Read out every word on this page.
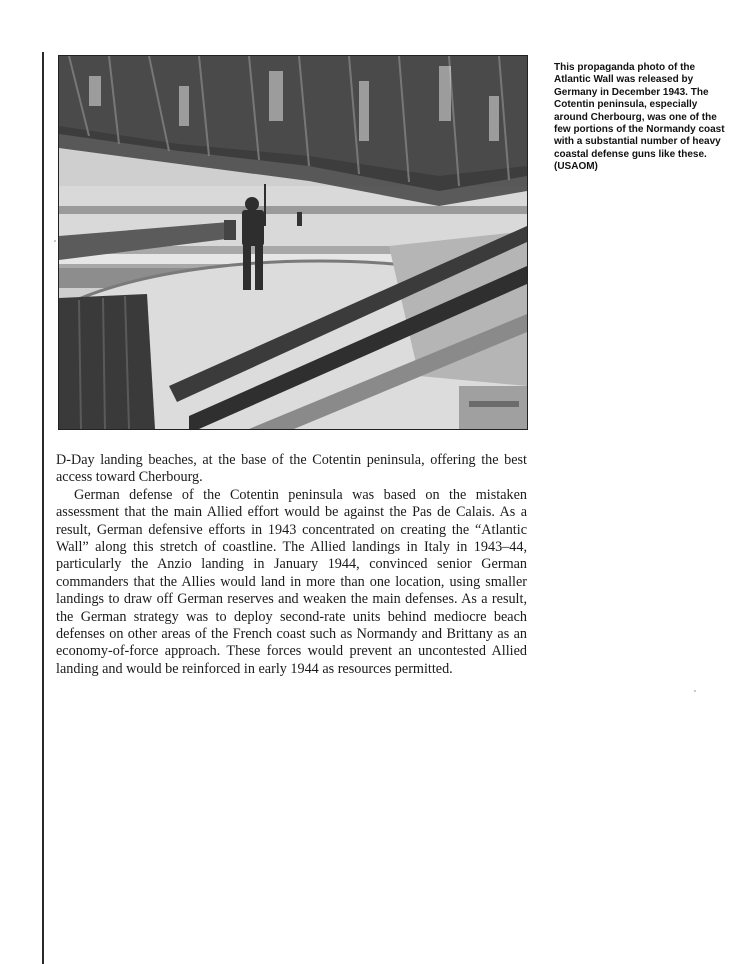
This propaganda photo of the Atlantic Wall was released by Germany in December 1943. The Cotentin peninsula, especially around Cherbourg, was one of the few portions of the Normandy coast with a substantial number of heavy coastal defense guns like these. (USAOM)

D-Day landing beaches, at the base of the Cotentin peninsula, offering the best access toward Cherbourg.

German defense of the Cotentin peninsula was based on the mistaken assessment that the main Allied effort would be against the Pas de Calais. As a result, German defensive efforts in 1943 concentrated on creating the “Atlantic Wall” along this stretch of coastline. The Allied landings in Italy in 1943–44, particularly the Anzio landing in January 1944, convinced senior German commanders that the Allies would land in more than one location, using smaller landings to draw off German reserves and weaken the main defenses. As a result, the German strategy was to deploy second-rate units behind mediocre beach defenses on other areas of the French coast such as Normandy and Brittany as an economy-of-force approach. These forces would prevent an uncontested Allied landing and would be reinforced in early 1944 as resources permitted.
